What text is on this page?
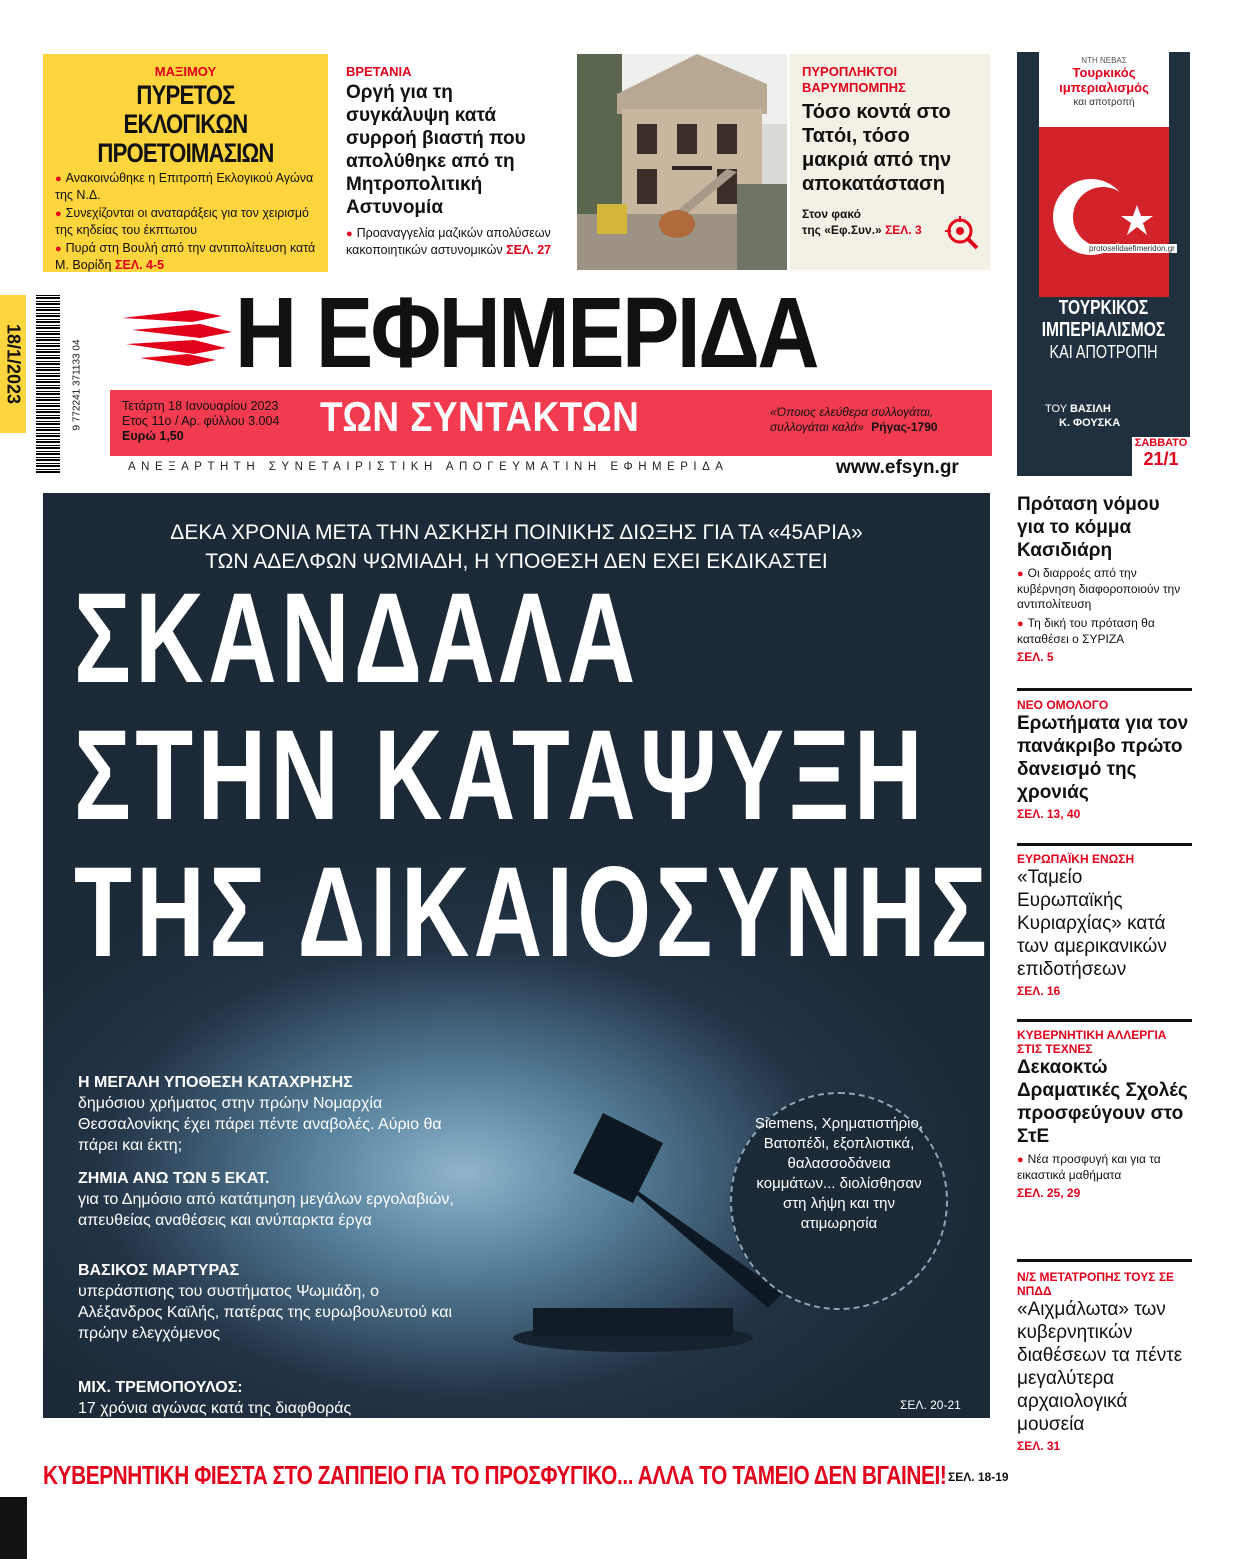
ΜΑΞΙΜΟΥ
ΠΥΡΕΤΟΣ ΕΚΛΟΓΙΚΩΝ
ΠΡΟΕΤΟΙΜΑΣΙΩΝ
● Ανακοινώθηκε η Επιτροπή Εκλογικού Αγώνα της Ν.Δ.
● Συνεχίζονται οι αναταράξεις για τον χειρισμό της κηδείας του έκπτωτου
● Πυρά στη Βουλή από την αντιπολίτευση κατά Μ. Βορίδη ΣΕΛ. 4-5
ΒΡΕΤΑΝΙΑ
Οργή για τη συγκάλυψη κατά συρροή βιαστή που απολύθηκε από τη Μητροπολιτική Αστυνομία
● Προαναγγελία μαζικών απολύσεων κακοποιητικών αστυνομικών ΣΕΛ. 27
ΠΥΡΟΠΛΗΚΤΟΙ
ΒΑΡΥΜΠΟΜΠΗΣ
Τόσο κοντά στο Τατόι, τόσο μακριά από την αποκατάσταση
Στον φακό
της «Εφ.Συν.» ΣΕΛ. 3
ΝΤΗ ΝΕΒΑΣ
Τουρκικός
ιμπεριαλισμός
και αποτροπή
protoselidaefimeridon.gr
ΤΟΥΡΚΙΚΟΣ
ΙΜΠΕΡΙΑΛΙΣΜΟΣ
ΚΑΙ ΑΠΟΤΡΟΠΗ
ΤΟΥ ΒΑΣΙΛΗ
Κ. ΦΟΥΣΚΑ
ΣΑΒΒΑΤΟ
21/1
9 772241 371133 04
18/1/2023 Η ΕΦΗΜΕΡΙΔΑ
Τετάρτη 18 Ιανουαρίου 2023
Ετος 11ο / Αρ. φύλλου 3.004
Ευρώ 1,50	ΤΩΝ ΣΥΝΤΑΚΤΩΝ	«Όποιος ελεύθερα συλλογάται,
συλλογάται καλά» Ρήγας-1790
ΑΝΕΞΑΡΤΗΤΗ ΣΥΝΕΤΑΙΡΙΣΤΙΚΗ ΑΠΟΓΕΥΜΑΤΙΝΗ ΕΦΗΜΕΡΙΔΑ	www.efsyn.gr
ΔΕΚΑ ΧΡΟΝΙΑ ΜΕΤΑ ΤΗΝ ΑΣΚΗΣΗ ΠΟΙΝΙΚΗΣ ΔΙΩΞΗΣ ΓΙΑ ΤΑ «45ΑΡΙΑ»
ΤΩΝ ΑΔΕΛΦΩΝ ΨΩΜΙΑΔΗ, Η ΥΠΟΘΕΣΗ ΔΕΝ ΕΧΕΙ ΕΚΔΙΚΑΣΤΕΙ
ΣΚΑΝΔΑΛΑ
ΣΤΗΝ ΚΑΤΑΨΥΞΗ
ΤΗΣ ΔΙΚΑΙΟΣΥΝΗΣ
Η ΜΕΓΑΛΗ ΥΠΟΘΕΣΗ ΚΑΤΑΧΡΗΣΗΣ
δημόσιου χρήματος στην πρώην Νομαρχία Θεσσαλονίκης έχει πάρει πέντε αναβολές. Αύριο θα πάρει και έκτη;
ΖΗΜΙΑ ΑΝΩ ΤΩΝ 5 ΕΚΑΤ.
για το Δημόσιο από κατάτμηση μεγάλων εργολαβιών, απευθείας αναθέσεις και ανύπαρκτα έργα
ΒΑΣΙΚΟΣ ΜΑΡΤΥΡΑΣ
υπεράσπισης του συστήματος Ψωμιάδη, ο Αλέξανδρος Καϊλής, πατέρας της ευρωβουλευτού και πρώην ελεγχόμενος
ΜΙΧ. ΤΡΕΜΟΠΟΥΛΟΣ:
17 χρόνια αγώνας κατά της διαφθοράς
Siemens, Χρηματιστήριο, Βατοπέδι, εξοπλιστικά, θαλασσοδάνεια κομμάτων... διολίσθησαν στη λήψη και την ατιμωρησία
ΣΕΛ. 20-21
ΚΥΒΕΡΝΗΤΙΚΗ ΦΙΕΣΤΑ ΣΤΟ ΖΑΠΠΕΙΟ ΓΙΑ ΤΟ ΠΡΟΣΦΥΓΙΚΟ... ΑΛΛΑ ΤΟ ΤΑΜΕΙΟ ΔΕΝ ΒΓΑΙΝΕΙ! ΣΕΛ. 18-19
Πρόταση νόμου για το κόμμα Κασιδιάρη
● Οι διαρροές από την κυβέρνηση διαφοροποιούν την αντιπολίτευση
● Τη δική του πρόταση θα καταθέσει ο ΣΥΡΙΖΑ
ΣΕΛ. 5
ΝΕΟ ΟΜΟΛΟΓΟ
Ερωτήματα για τον πανάκριβο πρώτο δανεισμό της χρονιάς
ΣΕΛ. 13, 40
ΕΥΡΩΠΑΪΚΗ ΕΝΩΣΗ
«Ταμείο Ευρωπαϊκής Κυριαρχίας» κατά των αμερικανικών επιδοτήσεων
ΣΕΛ. 16
ΚΥΒΕΡΝΗΤΙΚΗ ΑΛΛΕΡΓΙΑ ΣΤΙΣ ΤΕΧΝΕΣ
Δεκαοκτώ Δραματικές Σχολές προσφεύγουν στο ΣτΕ
● Νέα προσφυγή και για τα εικαστικά μαθήματα
ΣΕΛ. 25, 29
Ν/Σ ΜΕΤΑΤΡΟΠΗΣ ΤΟΥΣ ΣΕ ΝΠΔΔ
«Αιχμάλωτα» των κυβερνητικών διαθέσεων τα πέντε μεγαλύτερα αρχαιολογικά μουσεία
ΣΕΛ. 31
